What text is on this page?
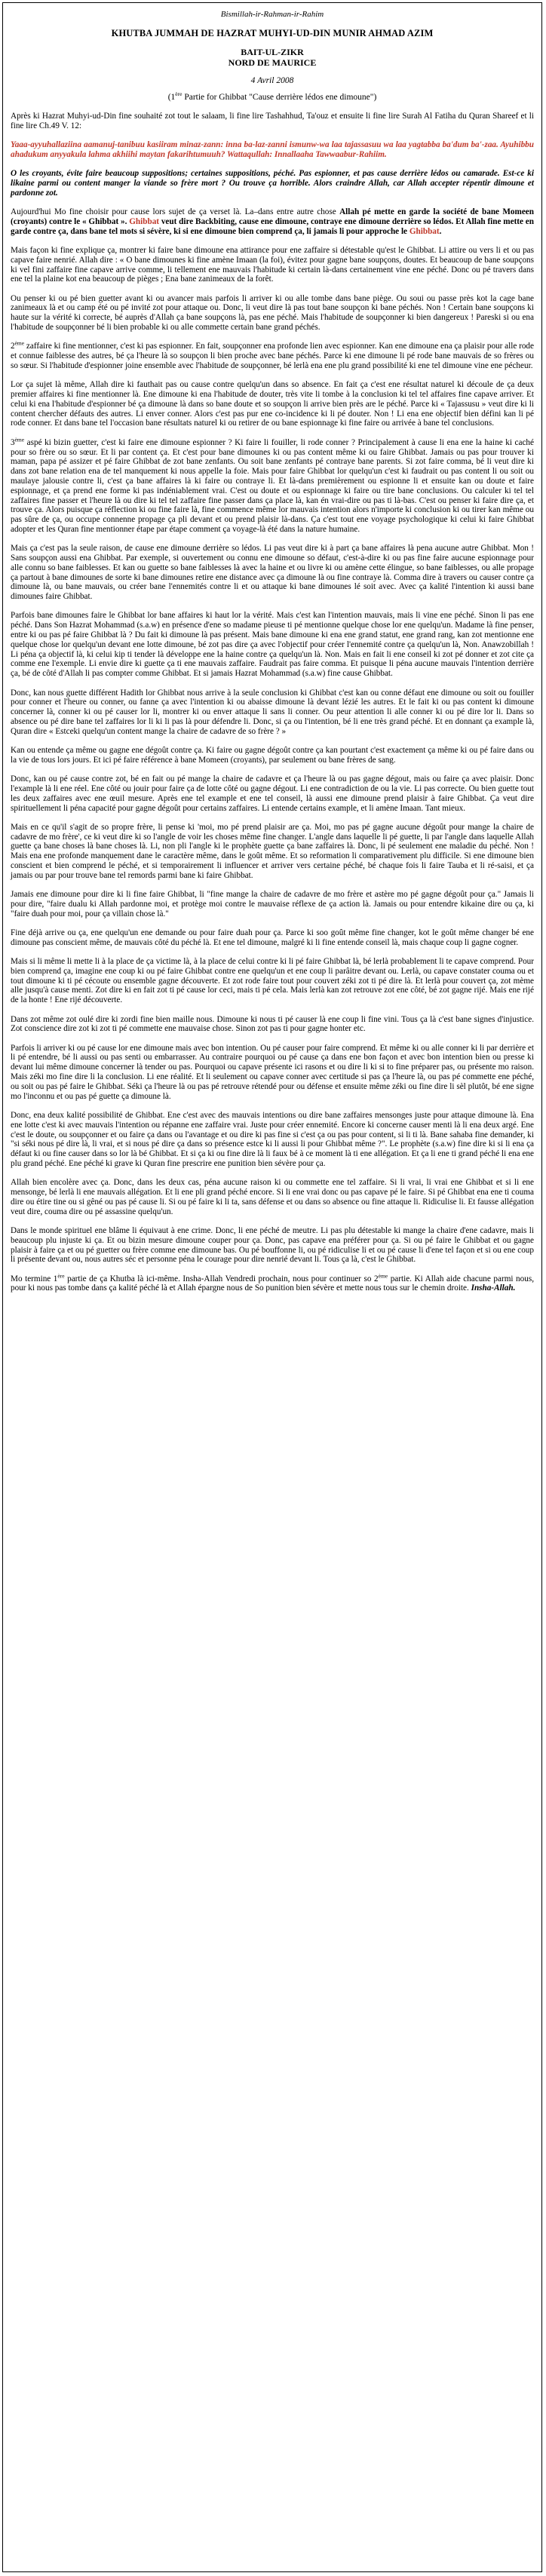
Bismillah-ir-Rahman-ir-Rahim
KHUTBA JUMMAH DE HAZRAT MUHYI-UD-DIN MUNIR AHMAD AZIM
BAIT-UL-ZIKR
NORD DE MAURICE
4 Avril 2008
(1ère Partie for Ghibbat "Cause derrière lédos ene dimoune")

Après ki Hazrat Muhyi-ud-Din fine souhaité zot tout le salaam, li fine lire Tashahhud, Ta'ouz et ensuite li fine lire Surah Al Fatiha du Quran Shareef et li fine lire Ch.49 V. 12:

Yaaa-ayyuhallaziina aamanuj-tanibuu kasiiram minaz-zann: inna ba-laz-zanni ismunw-wa laa tajassasuu wa laa yagtabba ba'dum ba'-zaa. Ayuhibbu ahadukum anyyakula lahma akhiihi maytan fakarihtumuuh? Wattaqullah: Innallaaha Tawwaabur-Rahiim.

O les croyants, évite faire beaucoup suppositions; certaines suppositions, péché. Pas espionner, et pas cause derrière lédos ou camarade. Est-ce ki likaine parmi ou content manger la viande so frère mort ? Ou trouve ça horrible. Alors craindre Allah, car Allah accepter répentir dimoune et pardonne zot.

Aujourd'hui Mo fine choisir pour cause lors sujet de ça verset là. La–dans entre autre chose Allah pé mette en garde la société de bane Momeen (croyants) contre le « Ghibbat ». Ghibbat veut dire Backbiting, cause ene dimoune, contraye ene dimoune derrière so lédos. Et Allah fine mette en garde contre ça, dans bane tel mots si sévère, ki si ene dimoune bien comprend ça, li jamais li pour approche le Ghibbat.

Mais façon ki fine explique ça, montrer ki faire bane dimoune ena attirance pour ene zaffaire si détestable qu'est le Ghibbat. Li attire ou vers li et ou pas capave faire nenrié. Allah dire : « O bane dimounes ki fine amène Imaan (la foi), évitez pour gagne bane soupçons, doutes. Et beaucoup de bane soupçons ki vel fini zaffaire fine capave arrive comme, li tellement ene mauvais l'habitude ki certain là-dans certainement vine ene péché. Donc ou pé travers dans ene tel la plaine kot ena beaucoup de pièges ; Ena bane zanimeaux de la forêt.

Ou penser ki ou pé bien guetter avant ki ou avancer mais parfois li arriver ki ou alle tombe dans bane piège. Ou soui ou passe près kot la cage bane zanimeaux là et ou camp été ou pé invité zot pour attaque ou. Donc, li veut dire là pas tout bane soupçon ki bane péchés. Non ! Certain bane soupçons ki haute sur la vérité ki correcte, bé auprès d'Allah ça bane soupçons là, pas ene péché. Mais l'habitude de soupçonner ki bien dangereux ! Pareski si ou ena l'habitude de soupçonner bé li bien probable ki ou alle commette certain bane grand péchés.

2ème zaffaire ki fine mentionner, c'est ki pas espionner. En fait, soupçonner ena profonde lien avec espionner. Kan ene dimoune ena ça plaisir pour alle rode et connue faiblesse des autres, bé ça l'heure là so soupçon li bien proche avec bane péchés. Parce ki ene dimoune li pé rode bane mauvais de so frères ou so sœur. Si l'habitude d'espionner joine ensemble avec l'habitude de soupçonner, bé lerlà ena ene plu grand possibilité ki ene tel dimoune vine ene pécheur.

Lor ça sujet là même, Allah dire ki fauthait pas ou cause contre quelqu'un dans so absence. En fait ça c'est ene résultat naturel ki découle de ça deux premier affaires ki fine mentionner là. Ene dimoune ki ena l'habitude de douter, très vite li tombe à la conclusion ki tel tel affaires fine capave arriver. Et celui ki ena l'habitude d'espionner bé ça dimoune là dans so bane doute et so soupçon li arrive bien près are le péché. Parce ki « Tajassusu » veut dire ki li content chercher défauts des autres. Li enver conner. Alors c'est pas pur ene co-incidence ki li pé douter. Non ! Li ena ene objectif bien défini kan li pé rode conner. Et dans bane tel l'occasion bane résultats naturel ki ou retirer de ou bane espionnage ki fine faire ou arrivée à bane tel conclusions.

3ème aspé ki bizin guetter, c'est ki faire ene dimoune espionner ? Ki faire li fouiller, li rode conner ? Principalement à cause li ena ene la haine ki caché pour so frère ou so sœur. Et li par content ça. Et c'est pour bane dimounes ki ou pas content même ki ou faire Ghibbat. Jamais ou pas pour trouver ki maman, papa pé assizer et pé faire Ghibbat de zot bane zenfants. Ou soit bane zenfants pé contraye bane parents. Si zot faire comma, bé li veut dire ki dans zot bane relation ena de tel manquement ki nous appelle la foie. Mais pour faire Ghibbat lor quelqu'un c'est ki faudrait ou pas content li ou soit ou maulaye jalousie contre li, c'est ça bane affaires là ki faire ou contraye li. Et là-dans premièrement ou espionne li et ensuite kan ou doute et faire espionnage, et ça prend ene forme ki pas indéniablement vrai. C'est ou doute et ou espionnage ki faire ou tire bane conclusions. Ou calculer ki tel tel zaffaires fine passer et l'heure là ou dire ki tel tel zaffaire fine passer dans ça place là, kan én vrai-dire ou pas ti là-bas. C'est ou penser ki faire dire ça, et trouve ça. Alors puisque ça réflection ki ou fine faire là, fine commence même lor mauvais intention alors n'importe ki conclusion ki ou tirer kan même ou pas sûre de ça, ou occupe connenne propage ça pli devant et ou prend plaisir là-dans. Ça c'est tout ene voyage psychologique ki celui ki faire Ghibbat adopter et les Quran fine mentionner étape par étape comment ça voyage-là été dans la nature humaine.

Mais ça c'est pas la seule raison, de cause ene dimoune derrière so lédos. Li pas veut dire ki à part ça bane affaires là pena aucune autre Ghibbat. Mon ! Sans soupçon aussi ena Ghibbat. Par exemple, si ouvertement ou connu ene dimoune so défaut, c'est-à-dire ki ou pas fine faire aucune espionnage pour alle connu so bane faiblesses. Et kan ou guette so bane faiblesses là avec la haine et ou livre ki ou amène cette élingue, so bane faiblesses, ou alle propage ça partout à bane dimounes de sorte ki bane dimounes retire ene distance avec ça dimoune là ou fine contraye là. Comma dire à travers ou causer contre ça dimoune là, ou bane mauvais, ou créer bane l'ennemités contre li et ou attaque ki bane dimounes lé soit avec. Avec ça kalité l'intention ki aussi bane dimounes faire Ghibbat.

Parfois bane dimounes faire le Ghibbat lor bane affaires ki haut lor la vérité. Mais c'est kan l'intention mauvais, mais li vine ene péché. Sinon li pas ene péché. Dans Son Hazrat Mohammad (s.a.w) en présence d'ene so madame pieuse ti pé mentionne quelque chose lor ene quelqu'un. Madame là fine penser, entre ki ou pas pé faire Ghibbat là ? Du fait ki dimoune là pas présent. Mais bane dimoune ki ena ene grand statut, ene grand rang, kan zot mentionne ene quelque chose lor quelqu'un devant ene lotte dimoune, bé zot pas dire ça avec l'objectif pour créer l'ennemité contre ça quelqu'un là, Non. Anawzobillah ! Li péna ça objectif là, ki celui kip ti tender là développe ene la haine contre ça quelqu'un là. Non. Mais en fait li ene conseil ki zot pé donner et zot cite ça comme ene l'exemple. Li envie dire ki guette ça ti ene mauvais zaffaire. Faudrait pas faire comma. Et puisque li péna aucune mauvais l'intention derrière ça, bé de côté d'Allah li pas compter comme Ghibbat. Et si jamais Hazrat Mohammad (s.a.w) fine cause Ghibbat.

Donc, kan nous guette différent Hadith lor Ghibbat nous arrive à la seule conclusion ki Ghibbat c'est kan ou conne défaut ene dimoune ou soit ou fouiller pour conner et l'heure ou conner, ou fanne ça avec l'intention ki ou abaisse dimoune là devant lézié les autres. Et le fait ki ou pas content ki dimoune concerner là, conner ki ou pé causer lor li, montrer ki ou enver attaque li sans li conner. Ou peur attention li alle conner ki ou pé dire lor li. Dans so absence ou pé dire bane tel zaffaires lor li ki li pas là pour défendre li. Donc, si ça ou l'intention, bé li ene très grand péché. Et en donnant ça example là, Quran dire « Estceki quelqu'un content mange la chaire de cadavre de so frère ? »

Kan ou entende ça même ou gagne ene dégoût contre ça. Ki faire ou gagne dégoût contre ça kan pourtant c'est exactement ça même ki ou pé faire dans ou la vie de tous lors jours. Et ici pé faire référence à bane Momeen (croyants), par seulement ou bane frères de sang.

Donc, kan ou pé cause contre zot, bé en fait ou pé mange la chaire de cadavre et ça l'heure là ou pas gagne dégout, mais ou faire ça avec plaisir. Donc l'example là li ene réel. Ene côté ou jouir pour faire ça de lotte côté ou gagne dégout. Li ene contradiction de ou la vie. Li pas correcte. Ou bien guette tout les deux zaffaires avec ene œuil mesure. Après ene tel example et ene tel conseil, là aussi ene dimoune prend plaisir à faire Ghibbat. Ça veut dire spirituellement li péna capacité pour gagne dégoût pour certains zaffaires. Li entende certains example, et li amène Imaan. Tant mieux.

Mais en ce qu'il s'agit de so propre frère, li pense ki 'moi, mo pé prend plaisir are ça. Moi, mo pas pé gagne aucune dégoût pour mange la chaire de cadavre de mo frère', ce ki veut dire ki so l'angle de voir les choses même fine changer. L'angle dans laquelle li pé guette, li par l'angle dans laquelle Allah guette ça bane choses là bane choses là. Li, non pli l'angle ki le prophète guette ça bane zaffaires là. Donc, li pé seulement ene maladie du péché. Non ! Mais ena ene profonde manquement dane le caractère même, dans le goût même. Et so reformation li comparativement plu difficile. Si ene dimoune bien conscient et bien comprend le péché, et si temporairement li influencer et arriver vers certaine péché, bé chaque fois li faire Tauba et li ré-saisi, et ça jamais ou par pour trouve bane tel remords parmi bane ki faire Ghibbat.

Jamais ene dimoune pour dire ki li fine faire Ghibbat, li "fine mange la chaire de cadavre de mo frère et astère mo pé gagne dégoût pour ça." Jamais li pour dire, "faire dualu ki Allah pardonne moi, et protège moi contre le mauvaise réflexe de ça action là. Jamais ou pour entendre kikaine dire ou ça, ki "faire duah pour moi, pour ça villain chose là."

Fine déjà arrive ou ça, ene quelqu'un ene demande ou pour faire duah pour ça. Parce ki soo goût même fine changer, kot le goût même changer bé ene dimoune pas conscient même, de mauvais côté du péché là. Et ene tel dimoune, malgré ki li fine entende conseil là, mais chaque coup li gagne cogner.

Mais si li même li mette li à la place de ça victime là, à la place de celui contre ki li pé faire Ghibbat là, bé lerlà probablement li te capave comprend. Pour bien comprend ça, imagine ene coup ki ou pé faire Ghibbat contre ene quelqu'un et ene coup li parâitre devant ou. Lerlà, ou capave constater couma ou et tout dimoune ki ti pé cécoute ou ensemble gagne découverte. Et zot rode faire tout pour couvert zéki zot ti pé dire là. Et lerlà pour couvert ça, zot mème alle jusqu'à cause menti. Zot dire ki en fait zot ti pé cause lor ceci, mais ti pé cela. Mais lerlà kan zot retrouve zot ene côté, bé zot gagne rijé. Mais ene rijé de la honte ! Ene rijé découverte.

Dans zot même zot oulé dire ki zordi fine bien maille nous. Dimoune ki nous ti pé causer là ene coup li fine vini. Tous ça là c'est bane signes d'injustice. Zot conscience dire zot ki zot ti pé commette ene mauvaise chose. Sinon zot pas ti pour gagne honter etc.

Parfois li arriver ki ou pé cause lor ene dimoune mais avec bon intention. Ou pé causer pour faire comprend. Et même ki ou alle conner ki li par derrière et li pé entendre, bé li aussi ou pas senti ou embarrasser. Au contraire pourquoi ou pé cause ça dans ene bon façon et avec bon intention bien ou presse ki devant lui même dimoune concerner là tender ou pas. Pourquoi ou capave présente ici rasons et ou dire li ki si to fine préparer pas, ou présente mo raison. Mais zéki mo fine dire li la conclusion. Li ene réalité. Et li seulement ou capave conner avec certitude si pas ça l'heure là, ou pas pé commette ene péché, ou soit ou pas pé faire le Ghibbat. Séki ça l'heure là ou pas pé retrouve rétendé pour ou défense et ensuite même zéki ou fine dire li sèl plutôt, bé ene signe mo l'inconnu et ou pas pé guette ça dimoune là.

Donc, ena deux kalité possibilité de Ghibbat. Ene c'est avec des mauvais intentions ou dire bane zaffaires mensonges juste pour attaque dimoune là. Ena ene lotte c'est ki avec mauvais l'intention ou répanne ene zaffaire vrai. Juste pour créer ennemité. Encore ki concerne causer menti là li ena deux argé. Ene c'est le doute, ou soupçonner et ou faire ça dans ou l'avantage et ou dire ki pas fine si c'est ça ou pas pour content, si li ti là. Bane sahaba fine demander, ki "si séki nous pé dire là, li vrai, et si nous pé dire ça dans so présence estce ki li aussi li pour Ghibbat même ?". Le prophète (s.a.w) fine dire ki si li ena ça défaut ki ou fine causer dans so lor là bé Ghibbat. Et si ça ki ou fine dire là li faux bé à ce moment là ti ene allégation. Et ça li ene ti grand péché li ena ene plu grand péché. Ene péché ki grave ki Quran fine prescrire ene punition bien sévère pour ça.

Allah bien encolère avec ça. Donc, dans les deux cas, péna aucune raison ki ou commette ene tel zaffaire. Si li vrai, li vrai ene Ghibbat et si li ene mensonge, bé lerlà li ene mauvais allégation. Et li ene pli grand péché encore. Si li ene vrai donc ou pas capave pé le faire. Si pé Ghibbat ena ene ti couma dire ou étire tine ou si gêné ou pas pé cause li. Si ou pé faire ki li ta, sans défense et ou dans so absence ou fine attaque li. Ridiculise li. Et fausse allégation veut dire, couma dire ou pé assassine quelqu'un.

Dans le monde spirituel ene blâme li équivaut à ene crime. Donc, li ene péché de meutre. Li pas plu détestable ki mange la chaire d'ene cadavre, mais li beaucoup plu injuste ki ça. Et ou bizin mesure dimoune couper pour ça. Donc, pas capave ena préférer pour ça. Si ou pé faire le Ghibbat et ou gagne plaisir à faire ça et ou pé guetter ou frère comme ene dimoune bas. Ou pé bouffonne li, ou pé ridiculise li et ou pé cause li d'ene tel façon et si ou ene coup li présente devant ou, nous autres séc et personne péna le courage pour dire nenrié devant li. Tous ça là, c'est le Ghibbat.

Mo termine 1ère partie de ça Khutba là ici-même. Insha-Allah Vendredi prochain, nous pour continuer so 2ème partie. Ki Allah aide chacune parmi nous, pour ki nous pas tombe dans ça kalité péché là et Allah épargne nous de So punition bien sévère et mette nous tous sur le chemin droite. Insha-Allah.
